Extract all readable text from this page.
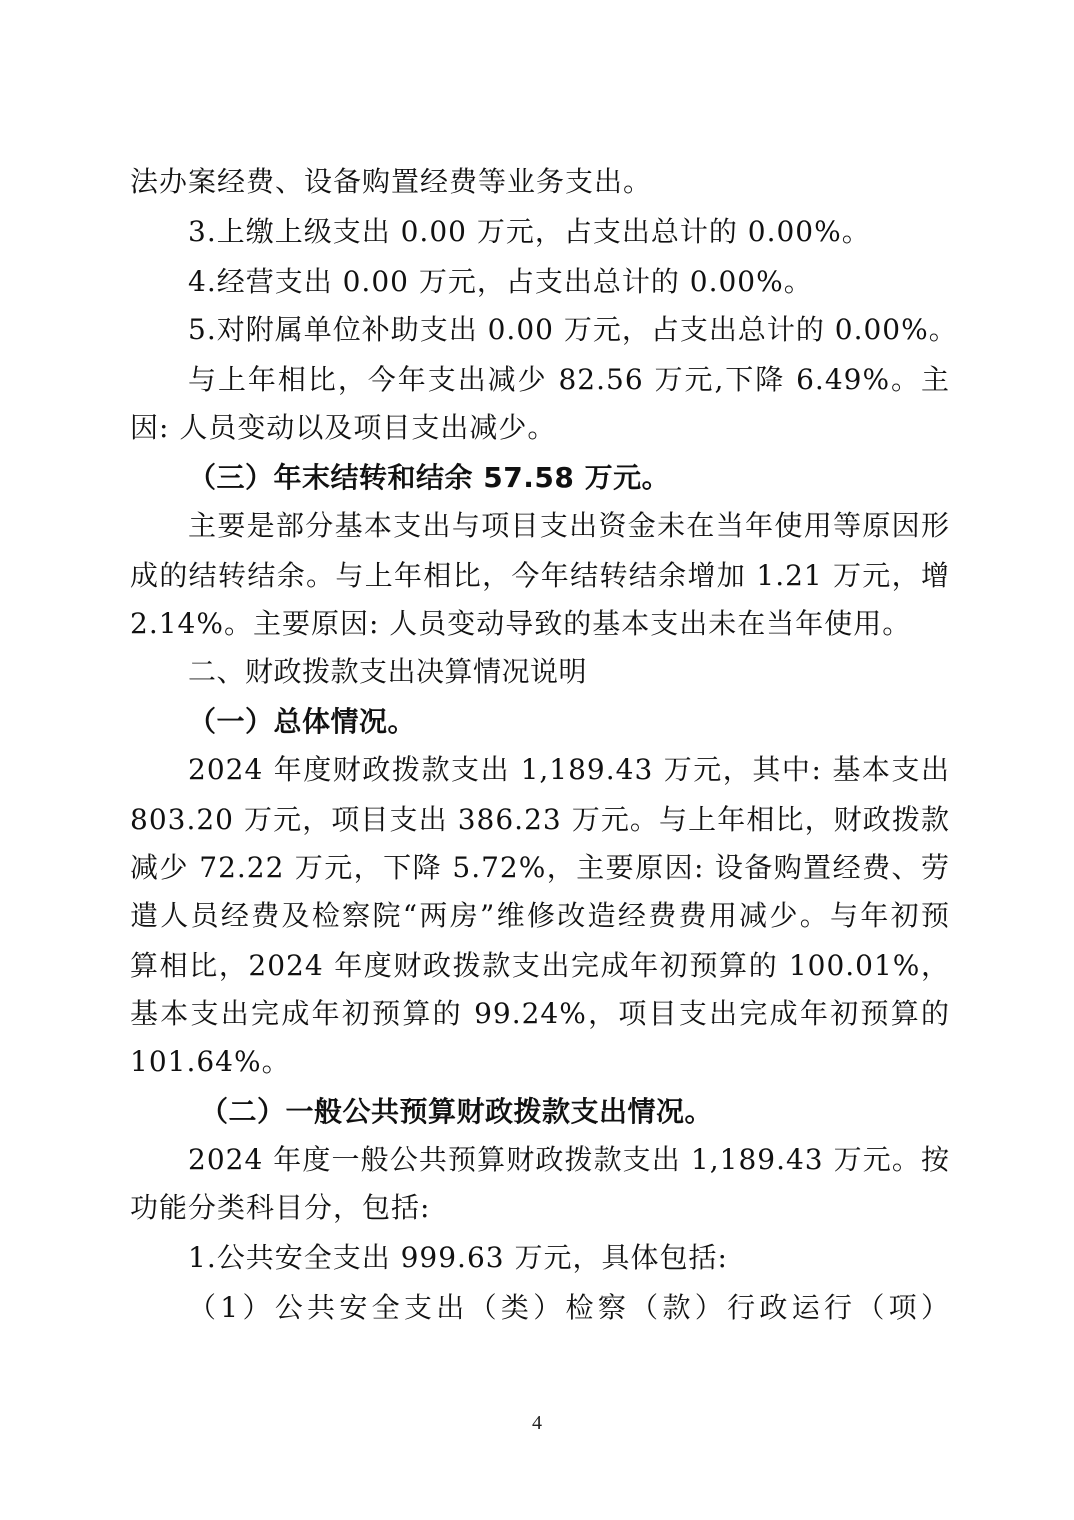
法办案经费、设备购置经费等业务支出。
3.上缴上级支出 0.00 万元，占支出总计的 0.00%。
4.经营支出 0.00 万元，占支出总计的 0.00%。
5.对附属单位补助支出 0.00 万元，占支出总计的 0.00%。
与上年相比，今年支出减少 82.56 万元,下降 6.49%。主
因: 人员变动以及项目支出减少。
（三）年末结转和结余 57.58 万元。
主要是部分基本支出与项目支出资金未在当年使用等原因形
成的结转结余。与上年相比，今年结转结余增加 1.21 万元，增
2.14%。主要原因: 人员变动导致的基本支出未在当年使用。
二、财政拨款支出决算情况说明
（一）总体情况。
2024 年度财政拨款支出 1,189.43 万元，其中: 基本支出
803.20 万元，项目支出 386.23 万元。与上年相比，财政拨款
减少 72.22 万元，下降 5.72%，主要原因: 设备购置经费、劳
遣人员经费及检察院“两房”维修改造经费费用减少。与年初预
算相比，2024 年度财政拨款支出完成年初预算的 100.01%，
基本支出完成年初预算的 99.24%，项目支出完成年初预算的
101.64%。
（二）一般公共预算财政拨款支出情况。
2024 年度一般公共预算财政拨款支出 1,189.43 万元。按
功能分类科目分，包括:
1.公共安全支出 999.63 万元，具体包括:
（1）公共安全支出（类）检察（款）行政运行（项）
4
